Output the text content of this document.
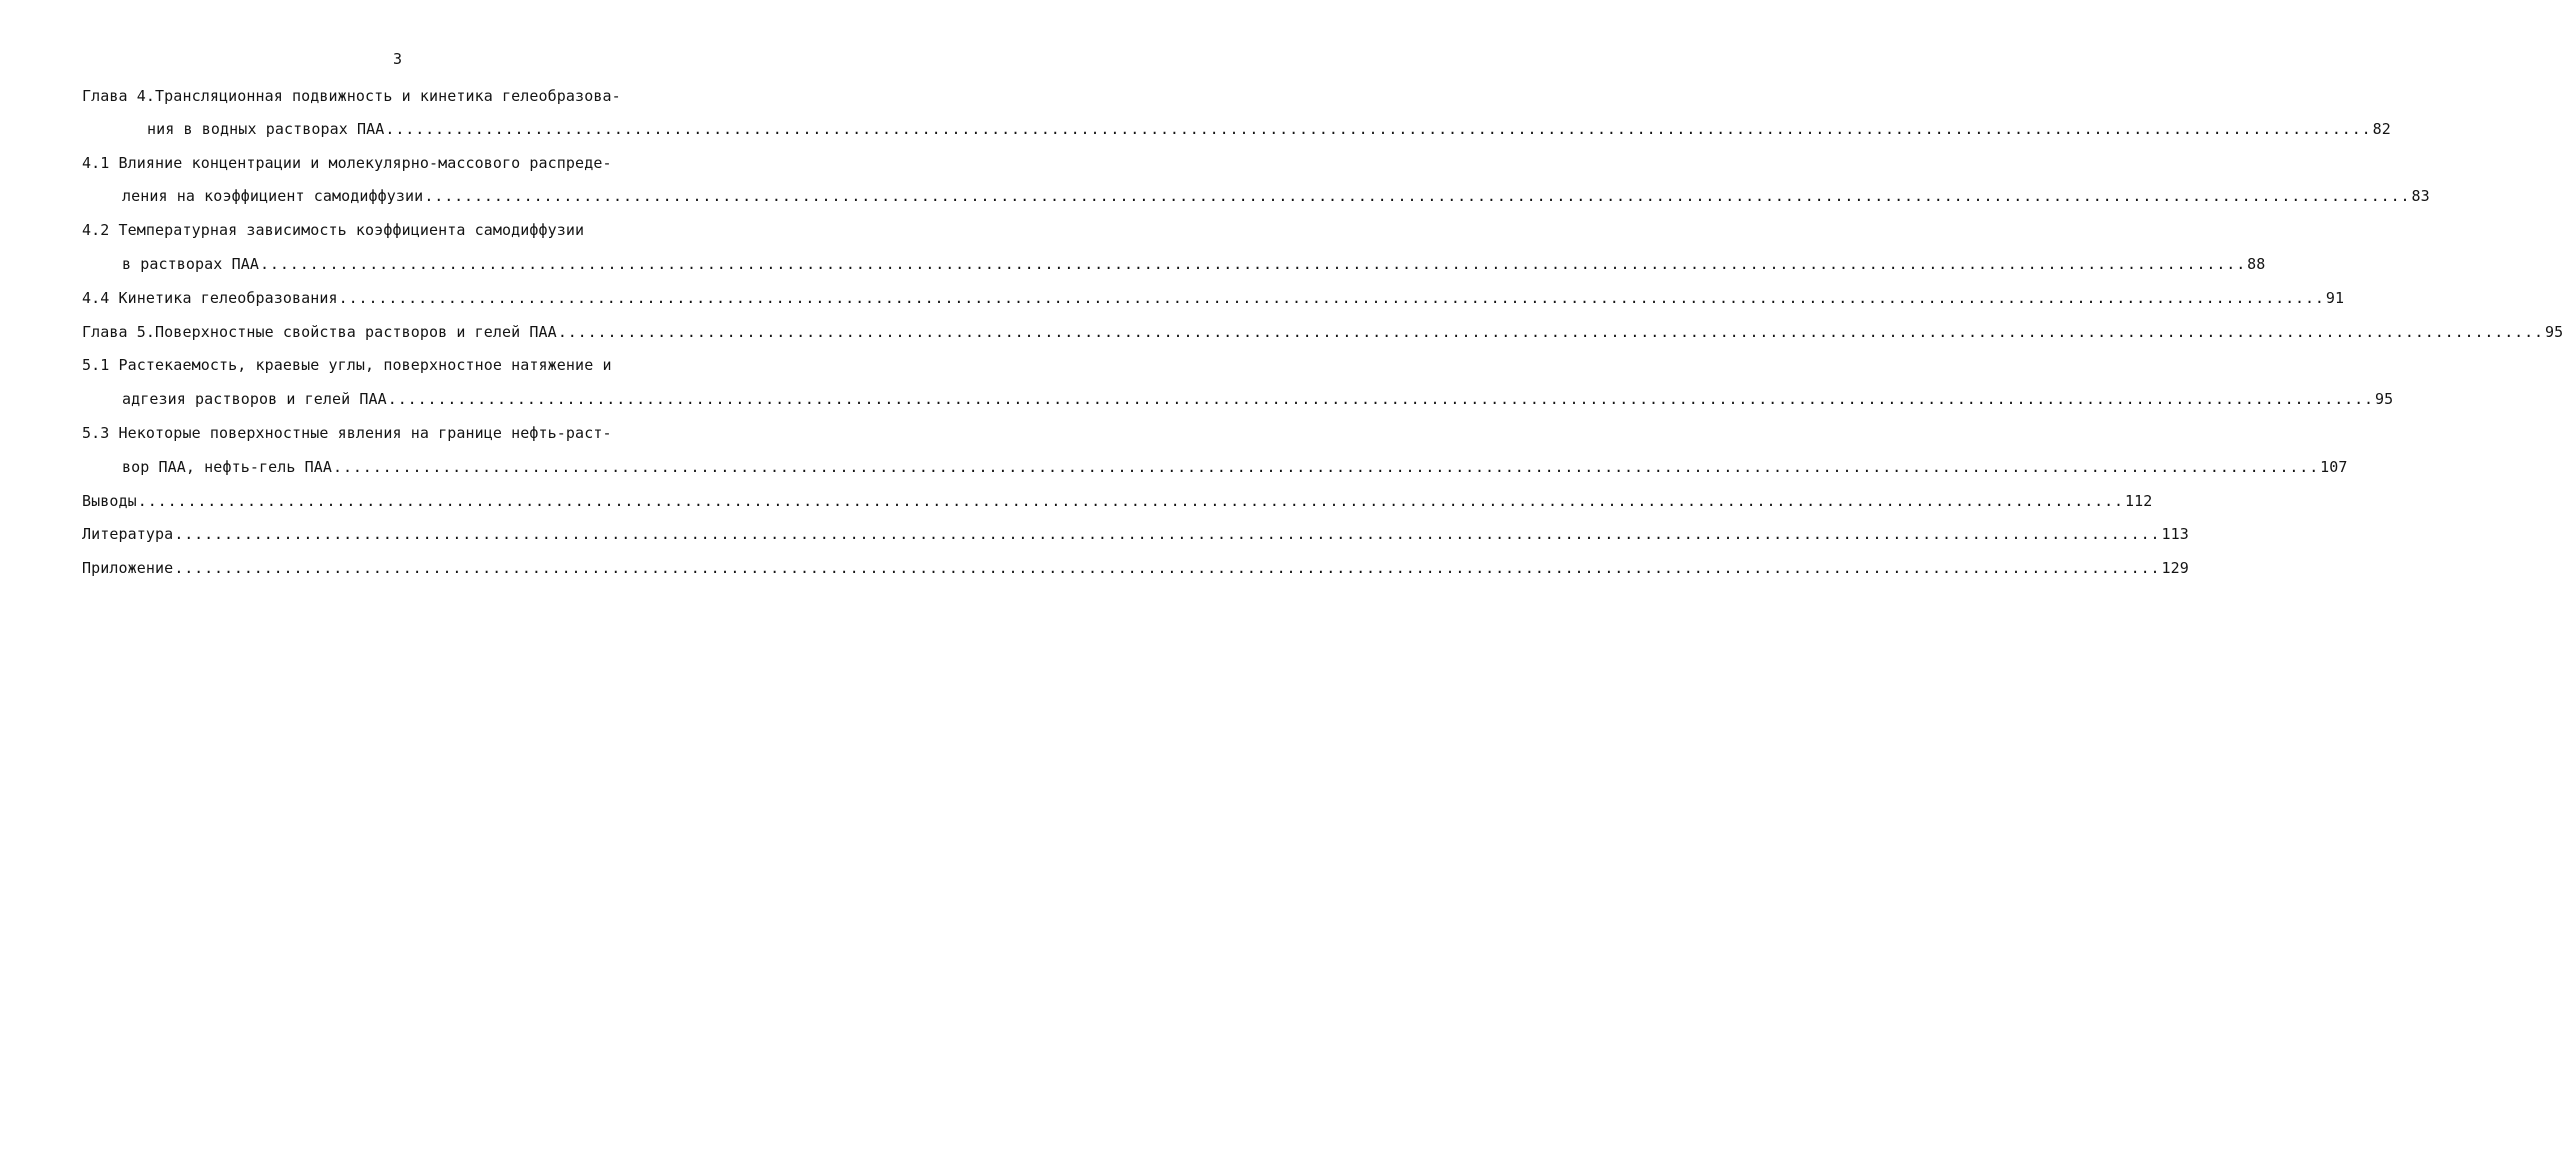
3
Глава 4.Трансляционная подвижность и кинетика гелеобразова-
ния в водных растворах ПАА ........................................................................................................................................................................................................ 82
4.1 Влияние концентрации и молекулярно-массового распреде-
ления на коэффициент самодиффузии ........................................................................................................................................................................................................ 83
4.2 Температурная зависимость коэффициента самодиффузии
в растворах ПАА ........................................................................................................................................................................................................ 88
4.4 Кинетика гелеобразования ........................................................................................................................................................................................................ 91
Глава 5.Поверхностные свойства растворов и гелей ПАА ........................................................................................................................................................................................................ 95
5.1 Растекаемость, краевые углы, поверхностное натяжение и
адгезия растворов и гелей ПАА ........................................................................................................................................................................................................ 95
5.3 Некоторые поверхностные явления на границе нефть-раст-
вор ПАА, нефть-гель ПАА ........................................................................................................................................................................................................ 107
Выводы ........................................................................................................................................................................................................ 112
Литература ........................................................................................................................................................................................................ 113
Приложение ........................................................................................................................................................................................................ 129
